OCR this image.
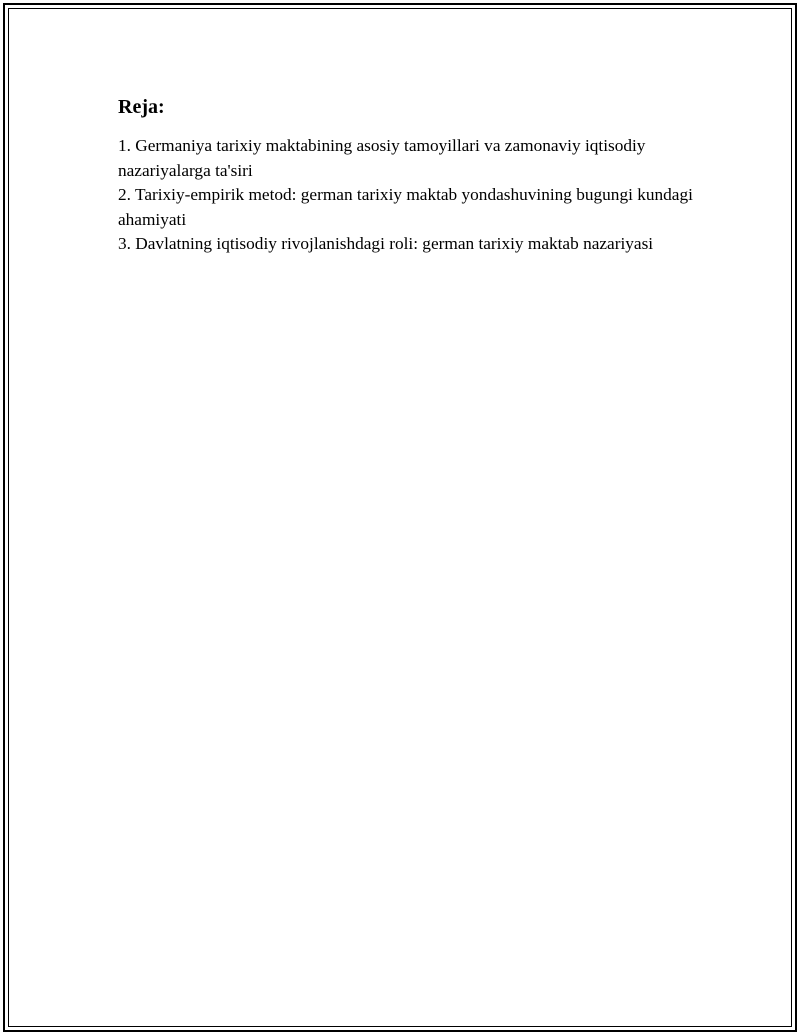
Reja:
1. Germaniya tarixiy maktabining asosiy tamoyillari va zamonaviy iqtisodiy nazariyalarga ta'siri
2. Tarixiy-empirik metod: german tarixiy maktab yondashuvining bugungi kundagi ahamiyati
3. Davlatning iqtisodiy rivojlanishdagi roli: german tarixiy maktab nazariyasi
